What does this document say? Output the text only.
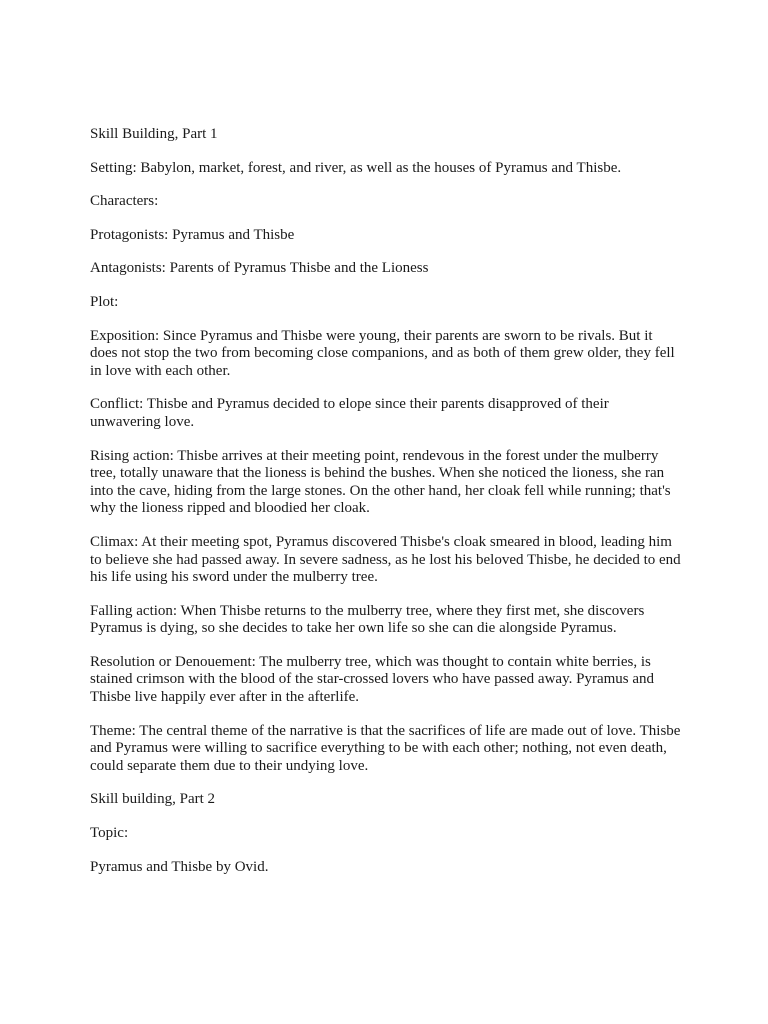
Skill Building, Part 1

Setting: Babylon, market, forest, and river, as well as the houses of Pyramus and Thisbe.

Characters:

Protagonists: Pyramus and Thisbe

Antagonists: Parents of Pyramus Thisbe and the Lioness

Plot:

Exposition: Since Pyramus and Thisbe were young, their parents are sworn to be rivals. But it does not stop the two from becoming close companions, and as both of them grew older, they fell in love with each other.

Conflict: Thisbe and Pyramus decided to elope since their parents disapproved of their unwavering love.

Rising action: Thisbe arrives at their meeting point, rendevous in the forest under the mulberry tree, totally unaware that the lioness is behind the bushes. When she noticed the lioness, she ran into the cave, hiding from the large stones. On the other hand, her cloak fell while running; that's why the lioness ripped and bloodied her cloak.

Climax: At their meeting spot, Pyramus discovered Thisbe's cloak smeared in blood, leading him to believe she had passed away. In severe sadness, as he lost his beloved Thisbe, he decided to end his life using his sword under the mulberry tree.

Falling action: When Thisbe returns to the mulberry tree, where they first met, she discovers Pyramus is dying, so she decides to take her own life so she can die alongside Pyramus.

Resolution or Denouement: The mulberry tree, which was thought to contain white berries, is stained crimson with the blood of the star-crossed lovers who have passed away. Pyramus and Thisbe live happily ever after in the afterlife.

Theme: The central theme of the narrative is that the sacrifices of life are made out of love. Thisbe and Pyramus were willing to sacrifice everything to be with each other; nothing, not even death, could separate them due to their undying love.

Skill building, Part 2

Topic:

Pyramus and Thisbe by Ovid.
